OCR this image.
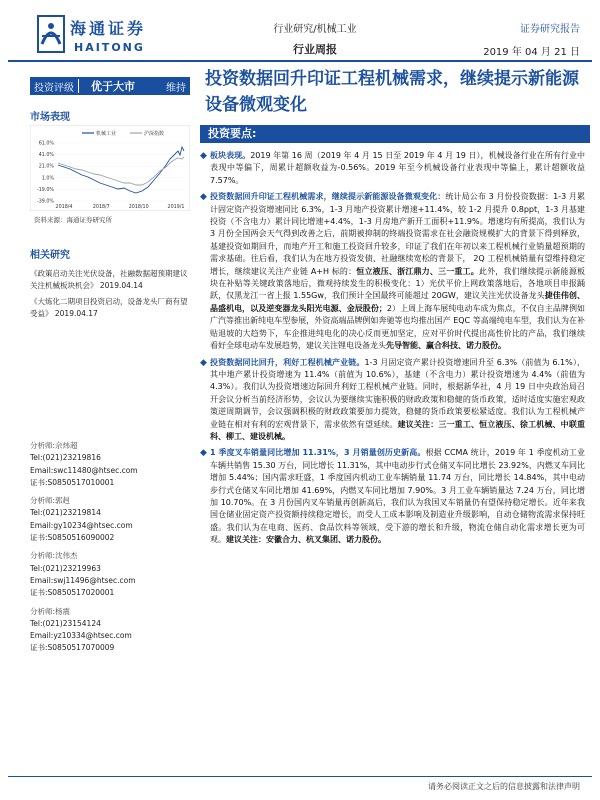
海通证券
HAITONG
行业研究/机械工业
行业周报
证券研究报告
2019 年 04 月 21 日
投资评级	优于大市	维持 投资数据回升印证工程机械需求，继续提示新能源设备微观变化
市场表现
61.0%
41.0%
21.0%
1.0%
-19.0%
-39.0%
2018/4	2018/7	2018/10	2019/1
机械工业	沪深指数
资料来源：海通证券研究所
相关研究
《政策启动关注光伏设备，社融数据超预期建议关注机械板块机会》 2019.04.14
《大炼化二期项目投资启动，设备龙头厂商有望受益》 2019.04.17
分析师:佘炜超
Tel:(021)23219816
Email:swc11480@htsec.com
证书:S0850517010001
分析师:郭赳
Tel:(021)23219814
Email:gy10234@htsec.com
证书:S0850516090002
分析师:沈伟杰
Tel:(021)23219963
Email:swj11496@htsec.com
证书:S0850517020001
分析师:杨震
Tel:(021)23154124
Email:yz10334@htsec.com
证书:S0850517070009
投资要点:
◆ 板块表现。2019 年第 16 周（2019 年 4 月 15 日至 2019 年 4 月 19 日），机械设备行业在所有行业中表现中等偏下，周累计超额收益为-0.56%。2019 年至今机械设备行业表现中等偏上，累计超额收益 7.57%。
◆ 投资数据回升印证工程机械需求，继续提示新能源设备微观变化：统计局公布 3 月份投资数据：1-3 月累计固定资产投资增速同比 6.3%，1-3 月地产投资累计增速+11.4%，较 1-2 月提升 0.8ppt，1-3 月基建投资（不含电力）累计同比增速+4.4%，1-3 月房地产新开工面积+11.9%。增速均有所提高，我们认为 3 月份全国两会天气得到改善之后，前期被抑制的终端投资需求在社会融资规模扩大的背景下得到释放，基建投资如期回升，而地产开工和施工投资回升较多，印证了我们在年初以来工程机械行业销量超预期的需求基础。往后看，我们认为在地方投资发债、社融继续宽松的背景下， 2Q 工程机械销量有望维持稳定增长，继续建议关注产业链 A+H 标的：恒立液压、浙江鼎力、三一重工。此外，我们继续提示新能源板块在补贴等关键政策落地后，微观持续发生的积极变化：1）光伏平价上网政策落地后，各地项目申报踊跃，仅黑龙江一省上报 1.55Gw，我们预计全国最终可能超过 20GW，建议关注光伏设备龙头捷佳伟创、晶盛机电，以及逆变器龙头阳光电源、金辰股份；2）上周上海车展纯电动车成为焦点，不仅自主品牌例如广汽等推出新纯电车型参展，外资高端品牌例如奔驰等也均推出国产 EQC 等高端纯电车型，我们认为在补贴退坡的大趋势下，车企推进纯电化的决心反而更加坚定，应对平价时代提出高性价比的产品，我们继续看好全球电动车发展趋势，建议关注锂电设备龙头先导智能、赢合科技、诺力股份。
◆ 投资数据同比回升，利好工程机械产业链。1-3 月固定资产累计投资增速回升至 6.3%（前值为 6.1%），其中地产累计投资增速为 11.4%（前值为 10.6%），基建（不含电力）累计投资增速为 4.4%（前值为 4.3%）。我们认为投资增速边际回升利好工程机械产业链。同时，根据新华社，4 月 19 日中央政治局召开会议分析当前经济形势，会议认为要继续实施积极的财政政策和稳健的货币政策，适时适度实施宏观政策逆周期调节，会议强调积极的财政政策要加力提效，稳健的货币政策要松紧适度。我们认为工程机械产业链在相对有利的宏观背景下，需求依然有望延续。建议关注：三一重工、恒立液压、徐工机械、中联重科、柳工、建设机械。
◆ 1 季度叉车销量同比增加 11.31%，3 月销量创历史新高。根据 CCMA 统计，2019 年 1 季度机动工业车辆共销售 15.30 万台，同比增长 11.31%，其中电动步行式仓储叉车同比增长 23.92%，内燃叉车同比增加 5.44%；国内需求旺盛，1 季度国内机动工业车辆销量 11.74 万台，同比增长 14.84%，其中电动步行式仓储叉车同比增加 41.69%，内燃叉车同比增加 7.90%。3 月工业车辆销量达 7.24 万台，同比增加 10.70%。在 3 月份国内叉车销量再创新高后，我们认为我国叉车销量仍有望保持稳定增长。近年来我国仓储业固定资产投资额持续稳定增长，而受人工成本影响及制造业升级影响，自动仓储物流需求保持旺盛。我们认为在电商、医药、食品饮料等领域，受下游的增长和升级，物流仓储自动化需求增长更为可观。建议关注：安徽合力、杭叉集团、诺力股份。
请务必阅读正文之后的信息披露和法律声明
